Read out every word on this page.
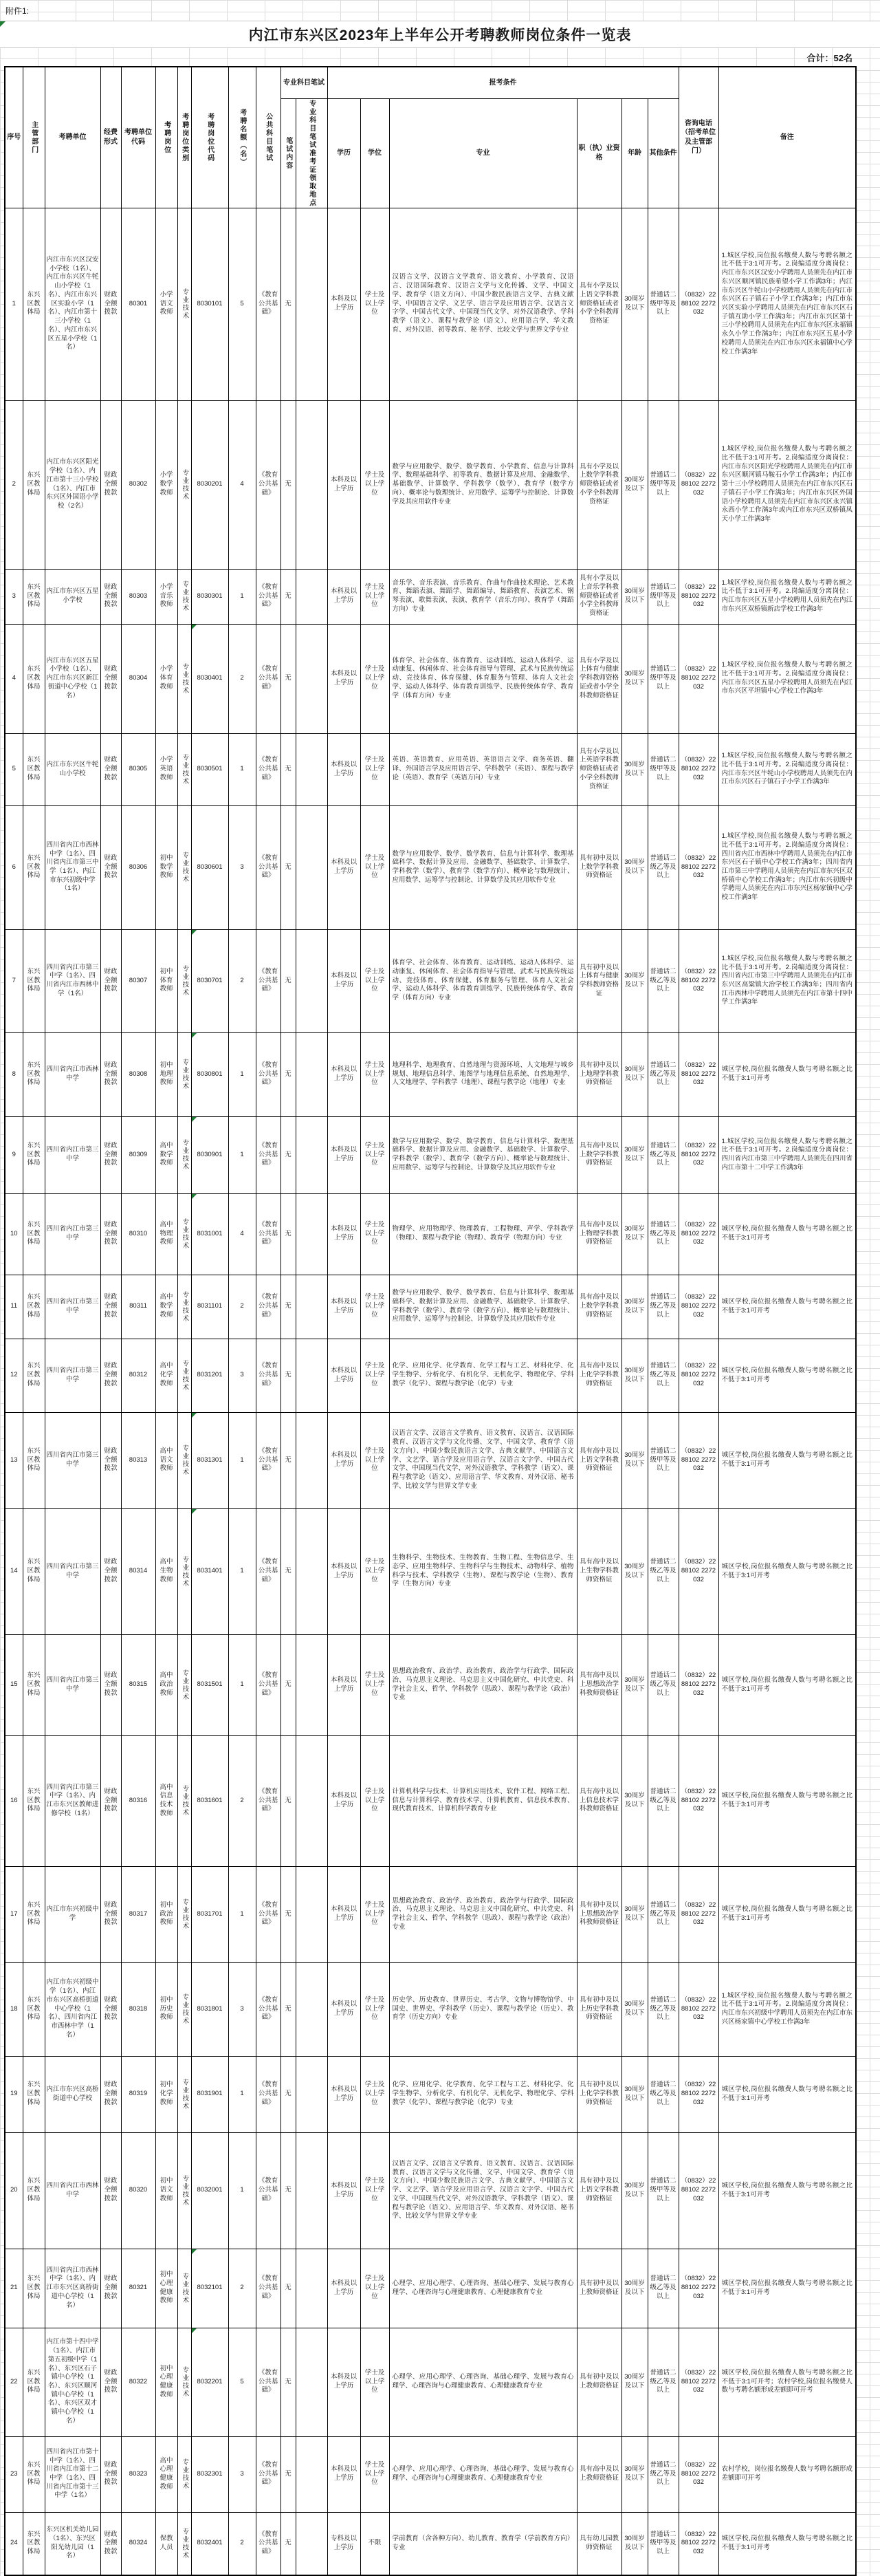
附件1:
内江市东兴区2023年上半年公开考聘教师岗位条件一览表
合计：52名
序号	主管部门	考聘单位	经费形式	考聘单位代码	考聘岗位	考聘岗位类别	考聘岗位代码	考聘名额（名）	公共科目笔试	专业科目笔试		报考条件						咨询电话（招考单位及主管部门）	备注
										笔试内容	专业科目笔试准考证领取地点	学历	学位	专业	职（执）业资格	年龄	其他条件		
1	东兴区教体局	内江市东兴区汉安小学校（1名）、内江市东兴区牛牦山小学校（1名）、内江市东兴区实验小学（1名）、内江市第十三小学校（1名）、内江市东兴区五星小学校（1名）	财政全额拨款	80301	小学语文教师	专业技术	8030101	5	《教育公共基础》	无		本科及以上学历	学士及以上学位	汉语言文学、汉语言文学教育、语文教育、小学教育、汉语言、汉语国际教育、汉语言文学与文化传播、文学、中国文学、教育学（语文方向）、中国少数民族语言文学、古典文献学、中国语言文学、文艺学、语言学及应用语言学、汉语言文字学、中国古代文学、中国现当代文学、对外汉语教学、学科教学（语文）、课程与教学论（语文）、应用语言学、华文教育、对外汉语、初等教育、秘书学、比较文学与世界文学专业	具有小学及以上语文学科教师资格证或者小学全科教师资格证	30周岁及以下	普通话二级甲等及以上	（0832）2288102 2272032	1.城区学校,岗位报名缴费人数与考聘名额之比不低于3:1可开考。2.岗编适度分离岗位：内江市东兴区汉安小学聘用人员须先在内江市东兴区顺河镇民族希望小学工作满3年；内江市东兴区牛牦山小学校聘用人员须先在内江市东兴区石子镇石子小学工作满3年；内江市东兴区实验小学聘用人员须先在内江市东兴区石子镇互助小学工作满3年；内江市东兴区第十三小学校聘用人员须先在内江市东兴区永福镇永久小学工作满3年；内江市东兴区五星小学校聘用人员须先在内江市东兴区永福镇中心学校工作满3年
2	东兴区教体局	内江市东兴区阳光学校（1名）、内江市第十三小学校（1名）、内江市东兴区外国语小学校（2名）	财政全额拨款	80302	小学数学教师	专业技术	8030201	4	《教育公共基础》	无		本科及以上学历	学士及以上学位	数学与应用数学、数学、数学教育、小学教育、信息与计算科学、数理基础科学、初等教育、数据计算及应用、金融数学、基础数学、计算数学、学科教学（数学）、教育学（数学方向）、概率论与数理统计、应用数学、运筹学与控制论、计算数学及其应用软件专业	具有小学及以上数学学科教师资格证或者小学全科教师资格证	30周岁及以下	普通话二级甲等及以上	（0832）2288102 2272032	1.城区学校,岗位报名缴费人数与考聘名额之比不低于3:1可开考。2.岗编适度分离岗位：内江市东兴区阳光学校聘用人员须先在内江市东兴区顺河镇马鞍石小学工作满3年；内江市第十三小学校聘用人员须先在内江市东兴区石子镇石子小学工作满3年；内江市东兴区外国语小学校聘用人员须先在内江市东兴区永兴镇永西小学工作满3年或内江市东兴区双桥镇凤天小学工作满3年
3	东兴区教体局	内江市东兴区五星小学校	财政全额拨款	80303	小学音乐教师	专业技术	8030301	1	《教育公共基础》	无		本科及以上学历	学士及以上学位	音乐学、音乐表演、音乐教育、作曲与作曲技术理论、艺术教育、舞蹈表演、舞蹈学、舞蹈编导、舞蹈教育、表演艺术、钢琴表演、歌舞表演、表演、教育学（音乐方向）、教育学（舞蹈方向）专业	具有小学及以上音乐学科教师资格证或者小学全科教师资格证	30周岁及以下	普通话二级甲等及以上	（0832）2288102 2272032	1.城区学校,岗位报名缴费人数与考聘名额之比不低于3:1可开考。2.岗编适度分离岗位：内江市东兴区五星小学校聘用人员须先在内江市东兴区双桥镇新店学校工作满3年
4	东兴区教体局	内江市东兴区五星小学校（1名）、内江市东兴区新江街道中心学校（1名）	财政全额拨款	80304	小学体育教师	专业技术	8030401	2	《教育公共基础》	无		本科及以上学历	学士及以上学位	体育学、社会体育、体育教育、运动训练、运动人体科学、运动康复、休闲体育、社会体育指导与管理、武术与民族传统运动、竞技体育、体育保健、体育服务与管理、体育人文社会学、运动人体科学、体育教育训练学、民族传统体育学、教育学（体育方向）专业	具有小学及以上体育与健康学科教师资格证或者小学全科教师资格证	30周岁及以下	普通话二级甲等及以上	（0832）2288102 2272032	1.城区学校,岗位报名缴费人数与考聘名额之比不低于3:1可开考。2.岗编适度分离岗位：内江市东兴区五星小学校聘用人员须先在内江市东兴区平坦镇中心学校工作满3年
5	东兴区教体局	内江市东兴区牛牦山小学校	财政全额拨款	80305	小学英语教师	专业技术	8030501	1	《教育公共基础》	无		本科及以上学历	学士及以上学位	英语、英语教育、应用英语、英语语言文学、商务英语、翻译、外国语言学及应用语言学、学科教学（英语）、课程与教学论（英语）、教育学（英语方向）专业	具有小学及以上英语学科教师资格证或者小学全科教师资格证	30周岁及以下	普通话二级甲等及以上	（0832）2288102 2272032	1.城区学校,岗位报名缴费人数与考聘名额之比不低于3:1可开考。2.岗编适度分离岗位：内江市东兴区牛牦山小学校聘用人员须先在内江市东兴区石子镇石子小学工作满3年
6	东兴区教体局	四川省内江市西林中学（1名）、四川省内江市第三中学（1名）、内江市东兴初级中学（1名）	财政全额拨款	80306	初中数学教师	专业技术	8030601	3	《教育公共基础》	无		本科及以上学历	学士及以上学位	数学与应用数学、数学、数学教育、信息与计算科学、数理基础科学、数据计算及应用、金融数学、基础数学、计算数学、学科教学（数学）、教育学（数学方向）、概率论与数理统计、应用数学、运筹学与控制论、计算数学及其应用软件专业	具有初中及以上数学学科教师资格证	30周岁及以下	普通话二级乙等及以上	（0832）2288102 2272032	1.城区学校,岗位报名缴费人数与考聘名额之比不低于3:1可开考。2.岗编适度分离岗位：四川省内江市西林中学聘用人员须先在内江市东兴区石子镇中心学校工作满3年；四川省内江市第三中学聘用人员须先在内江市东兴区双桥镇中心学校工作满3年；内江市东兴初级中学聘用人员须先在内江市东兴区杨家镇中心学校工作满3年
7	东兴区教体局	四川省内江市第三中学（1名）、四川省内江市西林中学（1名）	财政全额拨款	80307	初中体育教师	专业技术	8030701	2	《教育公共基础》	无		本科及以上学历	学士及以上学位	体育学、社会体育、体育教育、运动训练、运动人体科学、运动康复、休闲体育、社会体育指导与管理、武术与民族传统运动、竞技体育、体育保健、体育服务与管理、体育人文社会学、运动人体科学、体育教育训练学、民族传统体育学、教育学（体育方向）专业	具有初中及以上体育与健康学科教师资格证	30周岁及以下	普通话二级乙等及以上	（0832）2288102 2272032	1.城区学校,岗位报名缴费人数与考聘名额之比不低于3:1可开考。2.岗编适度分离岗位：四川省内江市第三中学聘用人员须先在内江市东兴区高粱镇大治学校工作满3年；四川省内江市西林中学聘用人员须先在内江市第十四中学工作满3年
8	东兴区教体局	四川省内江市西林中学	财政全额拨款	80308	初中地理教师	专业技术	8030801	1	《教育公共基础》	无		本科及以上学历	学士及以上学位	地理科学、地理教育、自然地理与资源环境、人文地理与城乡规划、地理信息科学、地图学与地理信息系统、自然地理学、人文地理学、学科教学（地理）、课程与教学论（地理）专业	具有初中及以上地理学科教师资格证	30周岁及以下	普通话二级乙等及以上	（0832）2288102 2272032	城区学校,岗位报名缴费人数与考聘名额之比不低于3:1可开考
9	东兴区教体局	四川省内江市第三中学	财政全额拨款	80309	高中数学教师	专业技术	8030901	1	《教育公共基础》	无		本科及以上学历	学士及以上学位	数学与应用数学、数学、数学教育、信息与计算科学、数理基础科学、数据计算及应用、金融数学、基础数学、计算数学、学科教学（数学）、教育学（数学方向）、概率论与数理统计、应用数学、运筹学与控制论、计算数学及其应用软件专业	具有高中及以上数学学科教师资格证	30周岁及以下	普通话二级乙等及以上	（0832）2288102 2272032	1.城区学校,岗位报名缴费人数与考聘名额之比不低于3:1可开考。2.岗编适度分离岗位：四川省内江市第三中学聘用人员须先在四川省内江市第十二中学工作满3年
10	东兴区教体局	四川省内江市第三中学	财政全额拨款	80310	高中物理教师	专业技术	8031001	4	《教育公共基础》	无		本科及以上学历	学士及以上学位	物理学、应用物理学、物理教育、工程物理、声学、学科教学（物理）、课程与教学论（物理）、教育学（物理方向）专业	具有高中及以上物理学科教师资格证	30周岁及以下	普通话二级乙等及以上	（0832）2288102 2272032	城区学校,岗位报名缴费人数与考聘名额之比不低于3:1可开考
11	东兴区教体局	四川省内江市第三中学	财政全额拨款	80311	高中数学教师	专业技术	8031101	2	《教育公共基础》	无		本科及以上学历	学士及以上学位	数学与应用数学、数学、数学教育、信息与计算科学、数理基础科学、数据计算及应用、金融数学、基础数学、计算数学、学科教学（数学）、教育学（数学方向）、概率论与数理统计、应用数学、运筹学与控制论、计算数学及其应用软件专业	具有高中及以上数学学科教师资格证	30周岁及以下	普通话二级乙等及以上	（0832）2288102 2272032	城区学校,岗位报名缴费人数与考聘名额之比不低于3:1可开考
12	东兴区教体局	四川省内江市第三中学	财政全额拨款	80312	高中化学教师	专业技术	8031201	3	《教育公共基础》	无		本科及以上学历	学士及以上学位	化学、应用化学、化学教育、化学工程与工艺、材料化学、化学生物学、分析化学、有机化学、无机化学、物理化学、学科教学（化学）、课程与教学论（化学）专业	具有高中及以上化学学科教师资格证	30周岁及以下	普通话二级乙等及以上	（0832）2288102 2272032	城区学校,岗位报名缴费人数与考聘名额之比不低于3:1可开考
13	东兴区教体局	四川省内江市第三中学	财政全额拨款	80313	高中语文教师	专业技术	8031301	1	《教育公共基础》	无		本科及以上学历	学士及以上学位	汉语言文学、汉语言文学教育、语文教育、汉语言、汉语国际教育、汉语言文学与文化传播、文学、中国文学、教育学（语文方向）、中国少数民族语言文学、古典文献学、中国语言文学、文艺学、语言学及应用语言学、汉语言文字学、中国古代文学、中国现当代文学、对外汉语教学、学科教学（语文）、课程与教学论（语文）、应用语言学、华文教育、对外汉语、秘书学、比较文学与世界文学专业	具有高中及以上语文学科教师资格证	30周岁及以下	普通话二级甲等及以上	（0832）2288102 2272032	城区学校,岗位报名缴费人数与考聘名额之比不低于3:1可开考
14	东兴区教体局	四川省内江市第三中学	财政全额拨款	80314	高中生物教师	专业技术	8031401	1	《教育公共基础》	无		本科及以上学历	学士及以上学位	生物科学、生物技术、生物教育、生物工程、生物信息学、生态学、应用生物科学、生物科学与生物技术、动物科学、植物科学与技术、学科教学（生物）、课程与教学论（生物）、教育学（生物方向）专业	具有高中及以上生物学科教师资格证	30周岁及以下	普通话二级乙等及以上	（0832）2288102 2272032	城区学校,岗位报名缴费人数与考聘名额之比不低于3:1可开考
15	东兴区教体局	四川省内江市第三中学	财政全额拨款	80315	高中政治教师	专业技术	8031501	1	《教育公共基础》	无		本科及以上学历	学士及以上学位	思想政治教育、政治学、政治教育、政治学与行政学、国际政治、马克思主义理论、马克思主义中国化研究、中共党史、科学社会主义、哲学、学科教学（思政）、课程与教学论（政治）专业	具有高中及以上思想政治学科教师资格证	30周岁及以下	普通话二级乙等及以上	（0832）2288102 2272032	城区学校,岗位报名缴费人数与考聘名额之比不低于3:1可开考
16	东兴区教体局	四川省内江市第三中学（1名）、内江市东兴区教师进修学校（1名）	财政全额拨款	80316	高中信息技术教师	专业技术	8031601	2	《教育公共基础》	无		本科及以上学历	学士及以上学位	计算机科学与技术、计算机应用技术、软件工程、网络工程、信息与计算科学、教育技术学、计算机教育、信息技术教育、现代教育技术、计算机科学教育专业	具有高中及以上信息技术学科教师资格证	30周岁及以下	普通话二级乙等及以上	（0832）2288102 2272032	城区学校,岗位报名缴费人数与考聘名额之比不低于3:1可开考
17	东兴区教体局	内江市东兴初级中学	财政全额拨款	80317	初中政治教师	专业技术	8031701	1	《教育公共基础》	无		本科及以上学历	学士及以上学位	思想政治教育、政治学、政治教育、政治学与行政学、国际政治、马克思主义理论、马克思主义中国化研究、中共党史、科学社会主义、哲学、学科教学（思政）、课程与教学论（政治）专业	具有初中及以上思想政治学科教师资格证	30周岁及以下	普通话二级乙等及以上	（0832）2288102 2272032	城区学校,岗位报名缴费人数与考聘名额之比不低于3:1可开考
18	东兴区教体局	内江市东兴初级中学（1名）、内江市东兴区高桥街道中心学校（1名）、四川省内江市西林中学（1名）	财政全额拨款	80318	初中历史教师	专业技术	8031801	3	《教育公共基础》	无		本科及以上学历	学士及以上学位	历史学、历史教育、世界历史、考古学、文物与博物馆学、中国史、世界史、学科教学（历史）、课程与教学论（历史）、教育学（历史方向）专业	具有初中及以上历史学科教师资格证	30周岁及以下	普通话二级乙等及以上	（0832）2288102 2272032	1.城区学校,岗位报名缴费人数与考聘名额之比不低于3:1可开考。2.岗编适度分离岗位：内江市东兴初级中学聘用人员须先在内江市东兴区杨家镇中心学校工作满3年
19	东兴区教体局	内江市东兴区高桥街道中心学校	财政全额拨款	80319	初中化学教师	专业技术	8031901	1	《教育公共基础》	无		本科及以上学历	学士及以上学位	化学、应用化学、化学教育、化学工程与工艺、材料化学、化学生物学、分析化学、有机化学、无机化学、物理化学、学科教学（化学）、课程与教学论（化学）专业	具有初中及以上化学学科教师资格证	30周岁及以下	普通话二级乙等及以上	（0832）2288102 2272032	城区学校,岗位报名缴费人数与考聘名额之比不低于3:1可开考
20	东兴区教体局	四川省内江市西林中学	财政全额拨款	80320	初中语文教师	专业技术	8032001	1	《教育公共基础》	无		本科及以上学历	学士及以上学位	汉语言文学、汉语言文学教育、语文教育、汉语言、汉语国际教育、汉语言文学与文化传播、文学、中国文学、教育学（语文方向）、中国少数民族语言文学、古典文献学、中国语言文学、文艺学、语言学及应用语言学、汉语言文字学、中国古代文学、中国现当代文学、对外汉语教学、学科教学（语文）、课程与教学论（语文）、应用语言学、华文教育、对外汉语、秘书学、比较文学与世界文学专业	具有初中及以上语文学科教师资格证	30周岁及以下	普通话二级甲等及以上	（0832）2288102 2272032	城区学校,岗位报名缴费人数与考聘名额之比不低于3:1可开考
21	东兴区教体局	四川省内江市西林中学（1名）、内江市东兴区高桥街道中心学校（1名）	财政全额拨款	80321	初中心理健康教师	专业技术	8032101	2	《教育公共基础》	无		本科及以上学历	学士及以上学位	心理学、应用心理学、心理咨询、基础心理学、发展与教育心理学、心理咨询与心理健康教育、心理健康教育专业	具有初中及以上教师资格证	30周岁及以下	普通话二级乙等及以上	（0832）2288102 2272032	城区学校,岗位报名缴费人数与考聘名额之比不低于3:1可开考
22	东兴区教体局	内江市第十四中学（1名）、内江市第五初级中学（1名）、东兴区石子镇中心学校（1名）、东兴区顺河镇中心学校（1名）、东兴区双才镇中心学校（1名）	财政全额拨款	80322	初中心理健康教师	专业技术	8032201	5	《教育公共基础》	无		本科及以上学历	学士及以上学位	心理学、应用心理学、心理咨询、基础心理学、发展与教育心理学、心理咨询与心理健康教育、心理健康教育专业	具有初中及以上教师资格证	30周岁及以下	普通话二级乙等及以上	（0832）2288102 2272032	城区学校,岗位报名缴费人数与考聘名额之比不低于3:1可开考；农村学校,岗位报名缴费人数与考聘名额形成差额即可开考
23	东兴区教体局	四川省内江市第十中学（1名）、四川省内江市第十二中学（1名）、四川省内江市第十三中学（1名）	财政全额拨款	80323	高中心理健康教师	专业技术	8032301	3	《教育公共基础》	无		本科及以上学历	学士及以上学位	心理学、应用心理学、心理咨询、基础心理学、发展与教育心理学、心理咨询与心理健康教育、心理健康教育专业	具有高中及以上教师资格证	30周岁及以下	普通话二级乙等及以上	（0832）2288102 2272032	农村学校，岗位报名缴费人数与考聘名额形成差额即可开考
24	东兴区教体局	东兴区机关幼儿园（1名）、东兴区阳光幼儿园（1名）	财政全额拨款	80324	保教人员	专业技术	8032401	2	《教育公共基础》	无		专科及以上学历	不限	学前教育（含各种方向）、幼儿教育、教育学（学前教育方向）专业	具有幼儿园教师资格证	30周岁及以下	普通话二级甲等及以上	（0832）2288102 2272032	城区学校,岗位报名缴费人数与考聘名额之比不低于3:1可开考
